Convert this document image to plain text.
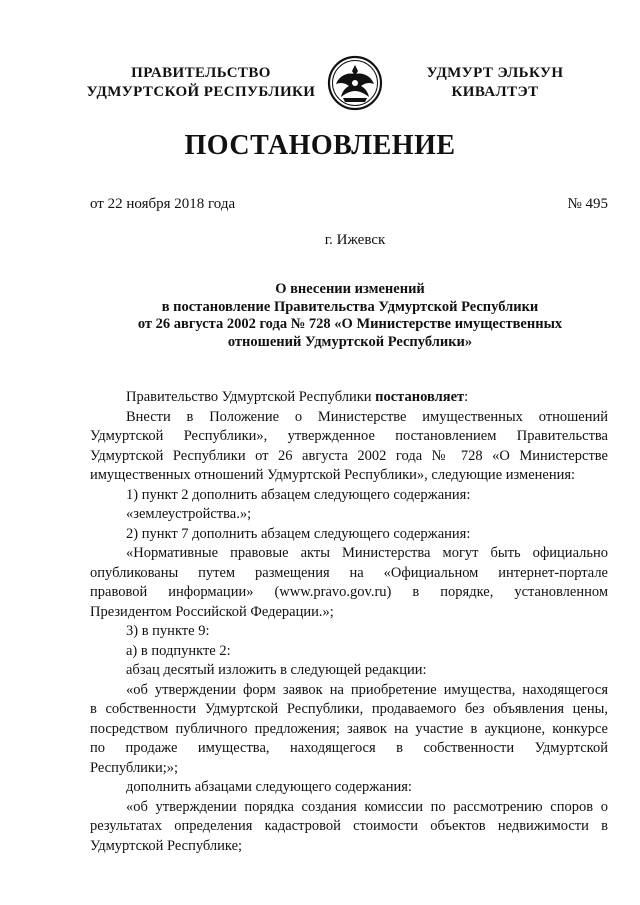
ПРАВИТЕЛЬСТВО
УДМУРТСКОЙ РЕСПУБЛИКИ
УДМУРТ ЭЛЬКУН
КИВАЛТЭТ
ПОСТАНОВЛЕНИЕ
от 22 ноября 2018 года	№ 495
г. Ижевск
О внесении изменений
в постановление Правительства Удмуртской Республики
от 26 августа 2002 года № 728 «О Министерстве имущественных
отношений Удмуртской Республики»
Правительство Удмуртской Республики постановляет:
Внести в Положение о Министерстве имущественных отношений
Удмуртской Республики», утвержденное постановлением Правительства
Удмуртской Республики от 26 августа 2002 года № 728 «О Министерстве
имущественных отношений Удмуртской Республики», следующие изменения:
1) пункт 2 дополнить абзацем следующего содержания:
«землеустройства.»;
2) пункт 7 дополнить абзацем следующего содержания:
«Нормативные правовые акты Министерства могут быть официально
опубликованы путем размещения на «Официальном интернет-портале
правовой информации» (www.pravo.gov.ru) в порядке, установленном
Президентом Российской Федерации.»;
3) в пункте 9:
а) в подпункте 2:
абзац десятый изложить в следующей редакции:
«об утверждении форм заявок на приобретение имущества, находящегося
в собственности Удмуртской Республики, продаваемого без объявления цены,
посредством публичного предложения; заявок на участие в аукционе, конкурсе
по продаже имущества, находящегося в собственности Удмуртской
Республики;»;
дополнить абзацами следующего содержания:
«об утверждении порядка создания комиссии по рассмотрению споров о
результатах определения кадастровой стоимости объектов недвижимости в
Удмуртской Республике;
